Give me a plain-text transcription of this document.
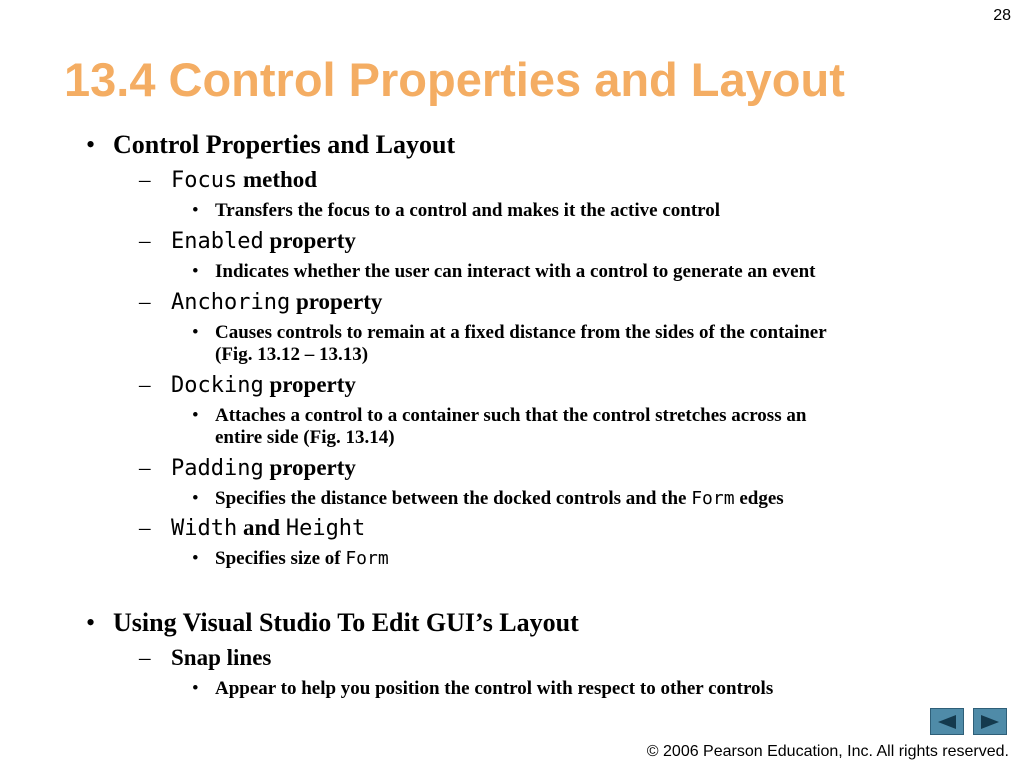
28
13.4 Control Properties and Layout
• Control Properties and Layout
– Focus method
• Transfers the focus to a control and makes it the active control
– Enabled property
• Indicates whether the user can interact with a control to generate an event
– Anchoring property
• Causes controls to remain at a fixed distance from the sides of the container
(Fig. 13.12 – 13.13)
– Docking property
• Attaches a control to a container such that the control stretches across an
entire side (Fig. 13.14)
– Padding property
• Specifies the distance between the docked controls and the Form edges
– Width and Height
• Specifies size of Form
• Using Visual Studio To Edit GUI’s Layout
– Snap lines
• Appear to help you position the control with respect to other controls
© 2006 Pearson Education, Inc. All rights reserved.
